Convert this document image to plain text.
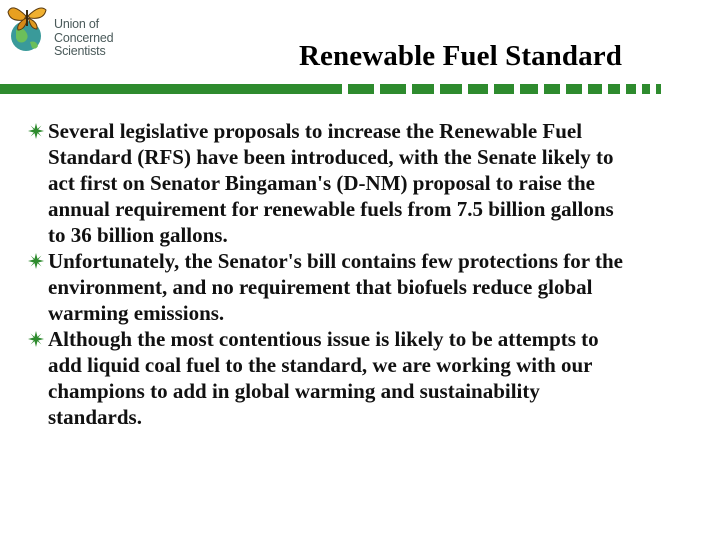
Union of
Concerned
Scientists	Renewable Fuel Standard
Several legislative proposals to increase the Renewable Fuel
Standard (RFS) have been introduced, with the Senate likely to
act first on Senator Bingaman's (D-NM) proposal to raise the
annual requirement for renewable fuels from 7.5 billion gallons
to 36 billion gallons.
Unfortunately, the Senator's bill contains few protections for the
environment, and no requirement that biofuels reduce global
warming emissions.
Although the most contentious issue is likely to be attempts to
add liquid coal fuel to the standard, we are working with our
champions to add in global warming and sustainability
standards.
